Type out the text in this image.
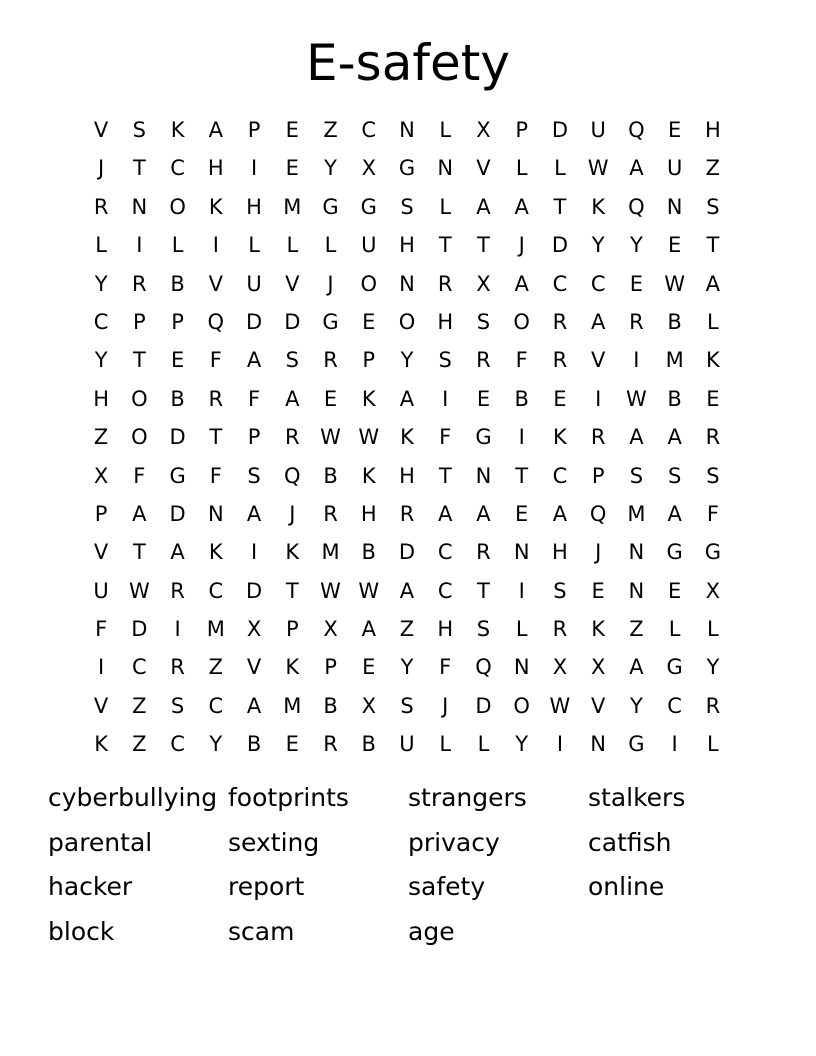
E-safety
V	S	K	A	P	E	Z	C	N	L	X	P	D	U	Q	E	H
J	T	C	H	I	E	Y	X	G	N	V	L	L	W A	U	Z
R	N	O	K	H	M	G	G	S	L	A	A	T	K	Q	N	S
L	I	L	I	L	L	L	U	H	T	T	J	D	Y	Y	E	T
Y	R	B	V	U	V	J	O	N	R	X	A	C	C	E	W A
C	P	P	Q	D	D	G	E	O	H	S	O	R	A	R	B	L
Y	T	E	F	A	S	R	P	Y	S	R	F	R	V	I	M	K
H	O	B	R	F	A	E	K	A	I	E	B	E	I	W B	E
Z	O	D	T	P	R W W K	F	G	I	K	R	A	A	R
X	F	G	F	S	Q	B	K	H	T	N	T	C	P	S	S	S
P	A	D	N	A	J	R	H	R	A	A	E	A	Q M	A	F
V	T	A	K	I	K	M	B	D	C	R	N	H	J	N	G	G
U W R	C	D	T	W W A	C	T	I	S	E	N	E	X
F	D	I	M	X	P	X	A	Z	H	S	L	R	K	Z	L	L
I	C	R	Z	V	K	P	E	Y	F	Q	N	X	X	A	G	Y
V	Z	S	C	A	M	B	X	S	J	D	O W V	Y	C	R
K	Z	C	Y	B	E	R	B	U	L	L	Y	I	N	G	I	L
cyberbullying footprints	strangers	stalkers
parental	sexting	privacy	catfish
hacker	report	safety	online
block	scam	age
